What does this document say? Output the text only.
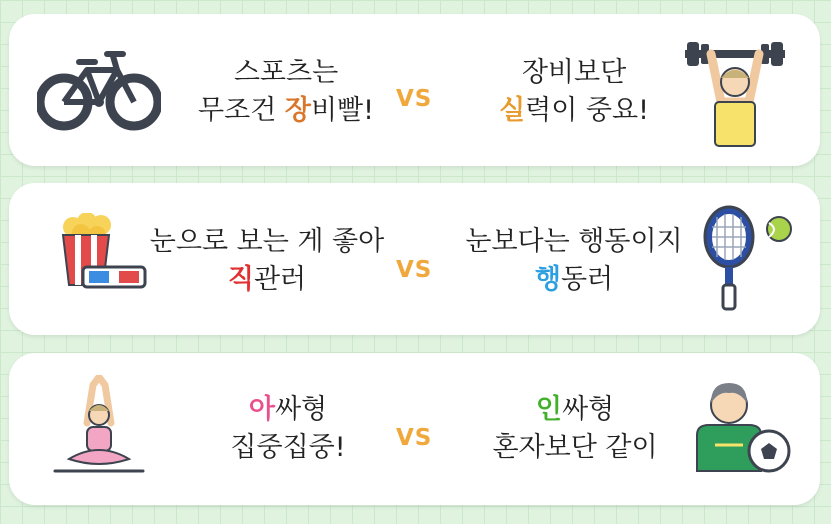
스포츠는
무조건 장비빨! VS
장비보단
실력이 중요!
눈으로 보는 게 좋아
직관러	VS
눈보다는 행동이지
행동러
아싸형
집중집중!	VS
인싸형
혼자보단 같이
